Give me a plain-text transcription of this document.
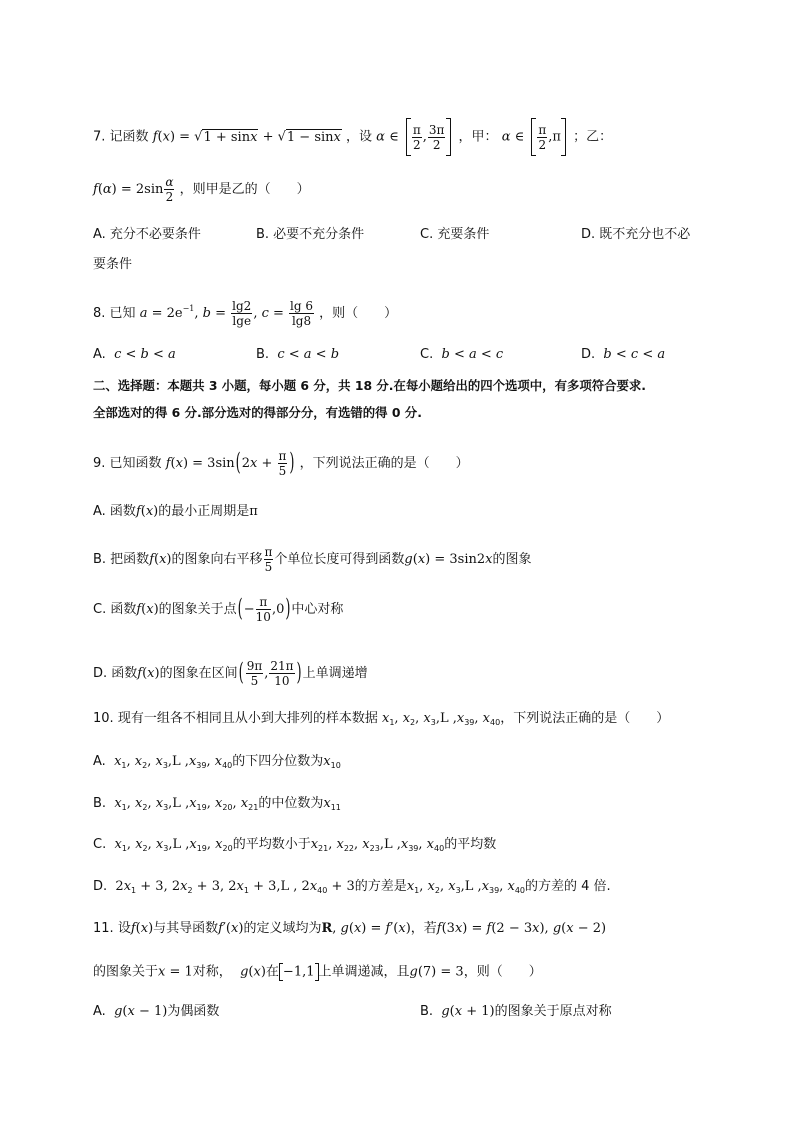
7. 记函数 f(x) = √1 + sinx + √1 − sinx ，设 α ∈ $\frac{\pi}{2}$ , $\frac{3\pi}{2}$ ，甲： α ∈ $\frac{\pi}{2} ,\pi$ ；乙：
$f(\alpha) = 2\sin \frac{\alpha}{2}$ ，则甲是乙的（　　）
A. 充分不必要条件	B. 必要不充分条件	C. 充要条件	D. 既不充分也不必
要条件
8. 已知 $a = 2e^{-1}$, $b = \frac{\lg 2}{\lg e}$ , $c = \frac{\lg 6}{\lg 8}$ ，则（　　）
A. c < b < a	B. c < a < b	C. b < a < c	D. b < c < a
二、选择题：本题共 3 小题，每小题 6 分，共 18 分.在每小题给出的四个选项中，有多项符合要求.
全部选对的得 6 分.部分选对的得部分分，有选错的得 0 分.
9. 已知函数 $f(x) = 3\sin(2x + \frac{\pi}{5}$ ) ，下列说法正确的是（　　）
A. 函数f(x)的最小正周期是π
B. 把函数f(x)的图象向右平移 $\frac{\pi}{5}$ 个单位长度可得到函数g(x) = 3sin2x的图象
C. 函数f(x)的图象关于点(− $\frac{\pi}{10} ,0$)中心对称
D. 函数f(x)的图象在区间( $\frac{9\pi}{5}$ , $\frac{21\pi}{10}$ )上单调递增
10. 现有一组各不相同且从小到大排列的样本数据 $x_1$, $x_2$, $x_3,L$ $,x_{39}$, $x_{40}$，下列说法正确的是（　　）
A. $x_1$, $x_2$, $x_3,L$ $,x_{39}$, $x_{40}$的下四分位数为$x_{10}$
B. $x_1$, $x_2$, $x_3,L$ $,x_{19}$, $x_{20}$, $x_{21}$的中位数为$x_{11}$
C. $x_1$, $x_2$, $x_3,L$ $,x_{19}$, $x_{20}$的平均数小于$x_{21}$, $x_{22}$, $x_{23},L$ $,x_{39}$, $x_{40}$的平均数
D. $2x_1 + 3$, $2x_2 + 3$, $2x_1 + 3,L$ , $2x_{40} + 3$的方差是$x_1$, $x_2$, $x_3,L$ $,x_{39}$, $x_{40}$的方差的 4 倍.
11. 设f(x)与其导函数f′(x)的定义域均为R, g(x) = f′(x)，若f(3x) = f(2 − 3x), g(x − 2)
的图象关于x = 1对称， g(x)在 −1,1 上单调递减，且g(7) = 3，则（　　）
A. g(x − 1)为偶函数	B. g(x + 1)的图象关于原点对称
